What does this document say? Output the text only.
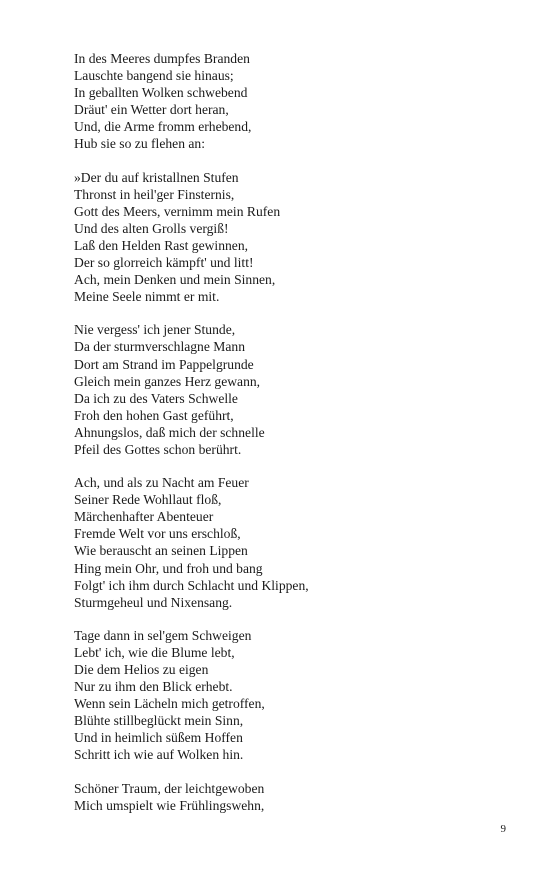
In des Meeres dumpfes Branden
Lauschte bangend sie hinaus;
In geballten Wolken schwebend
Dräut' ein Wetter dort heran,
Und, die Arme fromm erhebend,
Hub sie so zu flehen an:
»Der du auf kristallnen Stufen
Thronst in heil'ger Finsternis,
Gott des Meers, vernimm mein Rufen
Und des alten Grolls vergiß!
Laß den Helden Rast gewinnen,
Der so glorreich kämpft' und litt!
Ach, mein Denken und mein Sinnen,
Meine Seele nimmt er mit.
Nie vergess' ich jener Stunde,
Da der sturmverschlagne Mann
Dort am Strand im Pappelgrunde
Gleich mein ganzes Herz gewann,
Da ich zu des Vaters Schwelle
Froh den hohen Gast geführt,
Ahnungslos, daß mich der schnelle
Pfeil des Gottes schon berührt.
Ach, und als zu Nacht am Feuer
Seiner Rede Wohllaut floß,
Märchenhafter Abenteuer
Fremde Welt vor uns erschloß,
Wie berauscht an seinen Lippen
Hing mein Ohr, und froh und bang
Folgt' ich ihm durch Schlacht und Klippen,
Sturmgeheul und Nixensang.
Tage dann in sel'gem Schweigen
Lebt' ich, wie die Blume lebt,
Die dem Helios zu eigen
Nur zu ihm den Blick erhebt.
Wenn sein Lächeln mich getroffen,
Blühte stillbeglückt mein Sinn,
Und in heimlich süßem Hoffen
Schritt ich wie auf Wolken hin.
Schöner Traum, der leichtgewoben
Mich umspielt wie Frühlingswehn,
9
